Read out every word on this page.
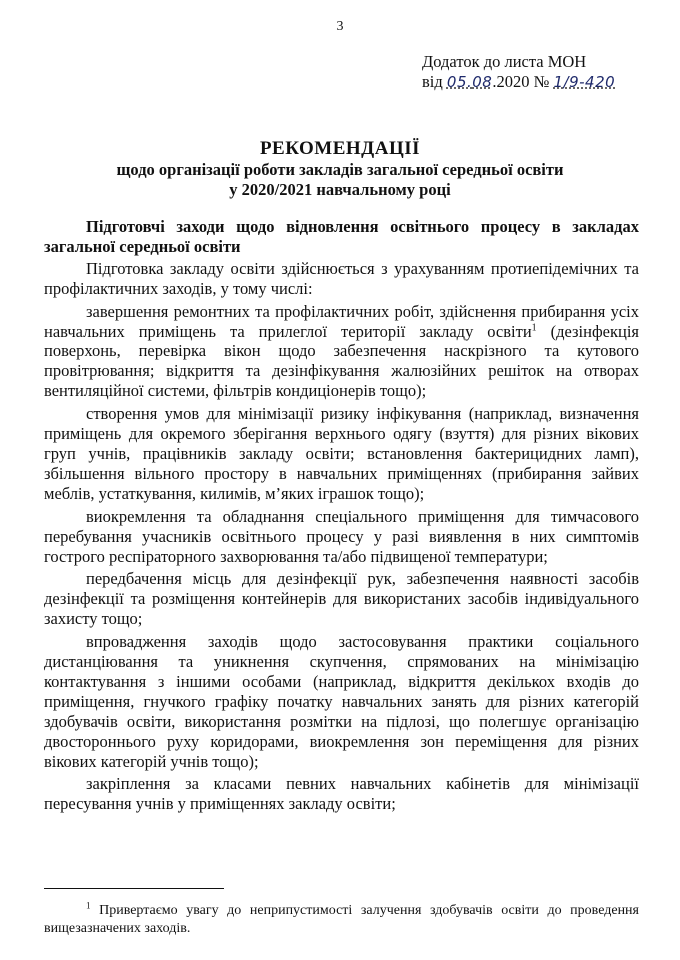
3
Додаток до листа МОН
від 05.08.2020 № 1/9-420
РЕКОМЕНДАЦІЇ
щодо організації роботи закладів загальної середньої освіти
у 2020/2021 навчальному році

Підготовчі заходи щодо відновлення освітнього процесу в закладах загальної середньої освіти

Підготовка закладу освіти здійснюється з урахуванням протиепідемічних та профілактичних заходів, у тому числі:

завершення ремонтних та профілактичних робіт, здійснення прибирання усіх навчальних приміщень та прилеглої території закладу освіти$^1$ (дезінфекція поверхонь, перевірка вікон щодо забезпечення наскрізного та кутового провітрювання; відкриття та дезінфікування жалюзійних решіток на отворах вентиляційної системи, фільтрів кондиціонерів тощо);

створення умов для мінімізації ризику інфікування (наприклад, визначення приміщень для окремого зберігання верхнього одягу (взуття) для різних вікових груп учнів, працівників закладу освіти; встановлення бактерицидних ламп), збільшення вільного простору в навчальних приміщеннях (прибирання зайвих меблів, устаткування, килимів, м’яких іграшок тощо);

виокремлення та обладнання спеціального приміщення для тимчасового перебування учасників освітнього процесу у разі виявлення в них симптомів гострого респіраторного захворювання та/або підвищеної температури;

передбачення місць для дезінфекції рук, забезпечення наявності засобів дезінфекції та розміщення контейнерів для використаних засобів індивідуального захисту тощо;

впровадження заходів щодо застосовування практики соціального дистанціювання та уникнення скупчення, спрямованих на мінімізацію контактування з іншими особами (наприклад, відкриття декількох входів до приміщення, гнучкого графіку початку навчальних занять для різних категорій здобувачів освіти, використання розмітки на підлозі, що полегшує організацію двостороннього руху коридорами, виокремлення зон переміщення для різних вікових категорій учнів тощо);

закріплення за класами певних навчальних кабінетів для мінімізації пересування учнів у приміщеннях закладу освіти;

$^1$ Привертаємо увагу до неприпустимості залучення здобувачів освіти до проведення вищезазначених заходів.
